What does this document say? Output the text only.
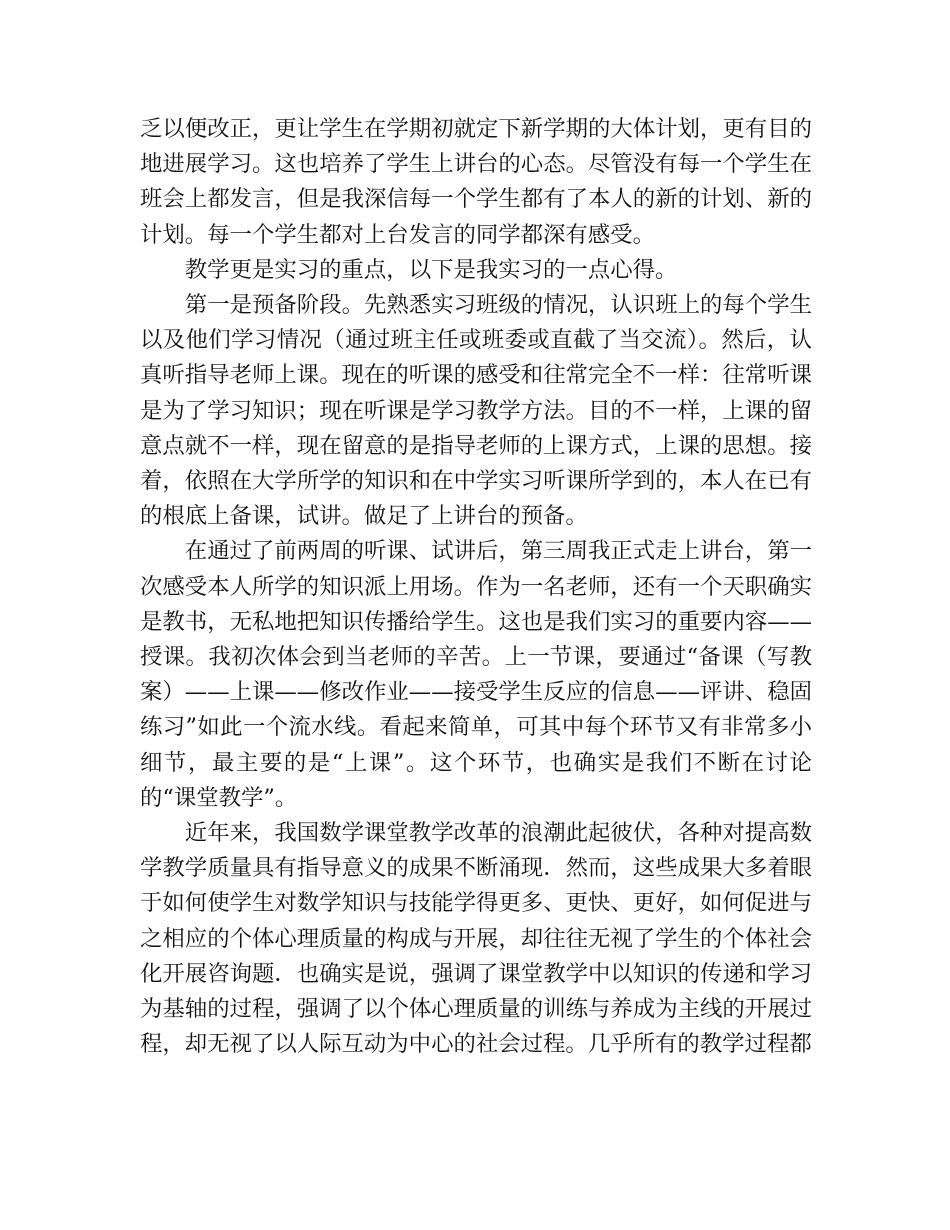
乏以便改正，更让学生在学期初就定下新学期的大体计划，更有目的地进展学习。这也培养了学生上讲台的心态。尽管没有每一个学生在班会上都发言，但是我深信每一个学生都有了本人的新的计划、新的计划。每一个学生都对上台发言的同学都深有感受。

教学更是实习的重点，以下是我实习的一点心得。

第一是预备阶段。先熟悉实习班级的情况，认识班上的每个学生以及他们学习情况（通过班主任或班委或直截了当交流）。然后，认真听指导老师上课。现在的听课的感受和往常完全不一样：往常听课是为了学习知识；现在听课是学习教学方法。目的不一样，上课的留意点就不一样，现在留意的是指导老师的上课方式，上课的思想。接着，依照在大学所学的知识和在中学实习听课所学到的，本人在已有的根底上备课，试讲。做足了上讲台的预备。

在通过了前两周的听课、试讲后，第三周我正式走上讲台，第一次感受本人所学的知识派上用场。作为一名老师，还有一个天职确实是教书，无私地把知识传播给学生。这也是我们实习的重要内容——授课。我初次体会到当老师的辛苦。上一节课，要通过“备课（写教案）——上课——修改作业——接受学生反应的信息——评讲、稳固练习”如此一个流水线。看起来简单，可其中每个环节又有非常多小细节，最主要的是“上课”。这个环节，也确实是我们不断在讨论的“课堂教学”。

近年来，我国数学课堂教学改革的浪潮此起彼伏，各种对提高数学教学质量具有指导意义的成果不断涌现．然而，这些成果大多着眼于如何使学生对数学知识与技能学得更多、更快、更好，如何促进与之相应的个体心理质量的构成与开展，却往往无视了学生的个体社会化开展咨询题．也确实是说，强调了课堂教学中以知识的传递和学习为基轴的过程，强调了以个体心理质量的训练与养成为主线的开展过程，却无视了以人际互动为中心的社会过程。几乎所有的教学过程都
